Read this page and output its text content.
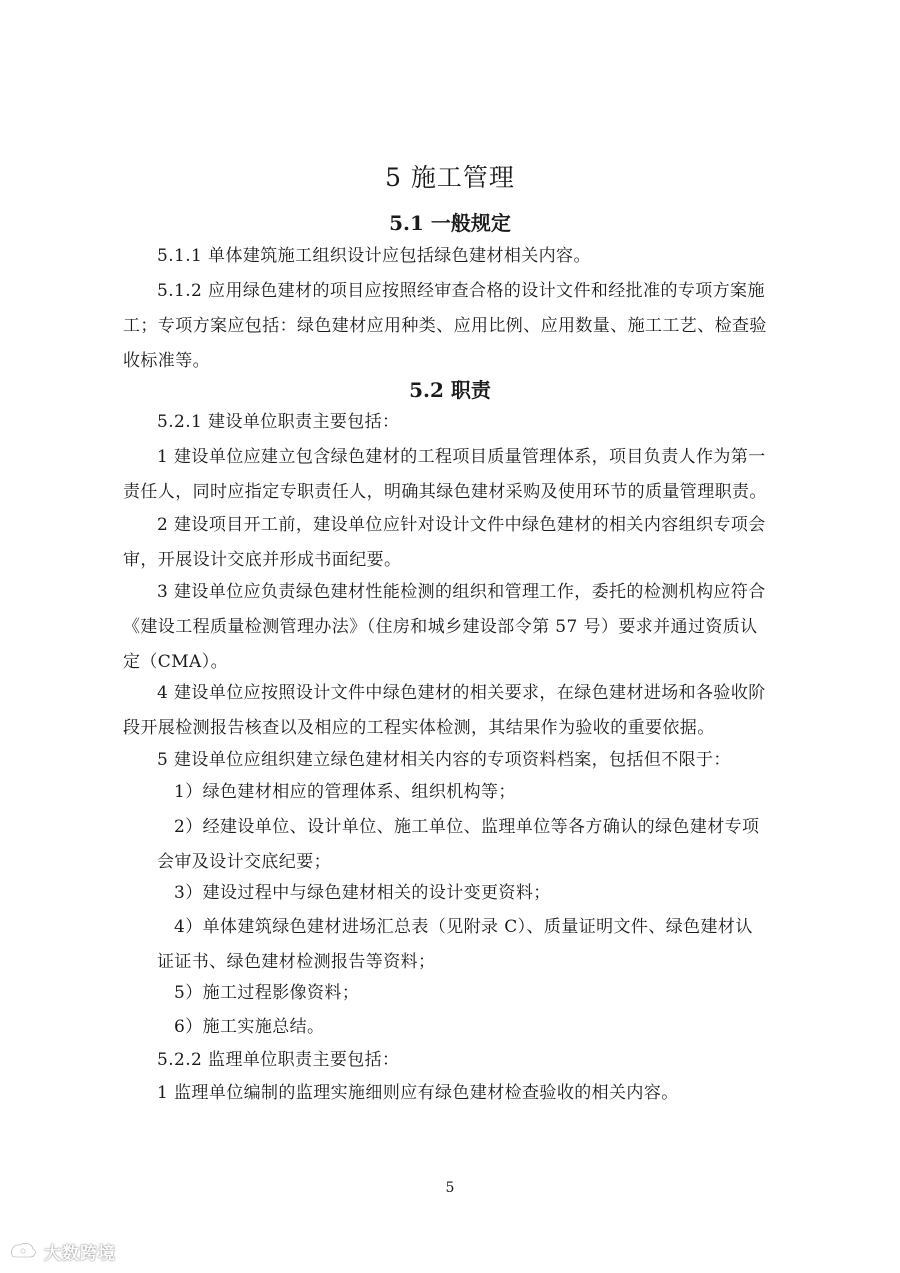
5 施工管理
5.1 一般规定
5.1.1 单体建筑施工组织设计应包括绿色建材相关内容。
5.1.2 应用绿色建材的项目应按照经审查合格的设计文件和经批准的专项方案施
工；专项方案应包括：绿色建材应用种类、应用比例、应用数量、施工工艺、检查验
收标准等。
5.2 职责
5.2.1 建设单位职责主要包括：
1 建设单位应建立包含绿色建材的工程项目质量管理体系，项目负责人作为第一
责任人，同时应指定专职责任人，明确其绿色建材采购及使用环节的质量管理职责。
2 建设项目开工前，建设单位应针对设计文件中绿色建材的相关内容组织专项会
审，开展设计交底并形成书面纪要。
3 建设单位应负责绿色建材性能检测的组织和管理工作，委托的检测机构应符合
《建设工程质量检测管理办法》（住房和城乡建设部令第 57 号）要求并通过资质认
定（CMA）。
4 建设单位应按照设计文件中绿色建材的相关要求，在绿色建材进场和各验收阶
段开展检测报告核查以及相应的工程实体检测，其结果作为验收的重要依据。
5 建设单位应组织建立绿色建材相关内容的专项资料档案，包括但不限于：
1）绿色建材相应的管理体系、组织机构等；
2）经建设单位、设计单位、施工单位、监理单位等各方确认的绿色建材专项
会审及设计交底纪要；
3）建设过程中与绿色建材相关的设计变更资料；
4）单体建筑绿色建材进场汇总表（见附录 C）、质量证明文件、绿色建材认
证证书、绿色建材检测报告等资料；
5）施工过程影像资料；
6）施工实施总结。
5.2.2 监理单位职责主要包括：
1 监理单位编制的监理实施细则应有绿色建材检查验收的相关内容。
5
大数跨境
